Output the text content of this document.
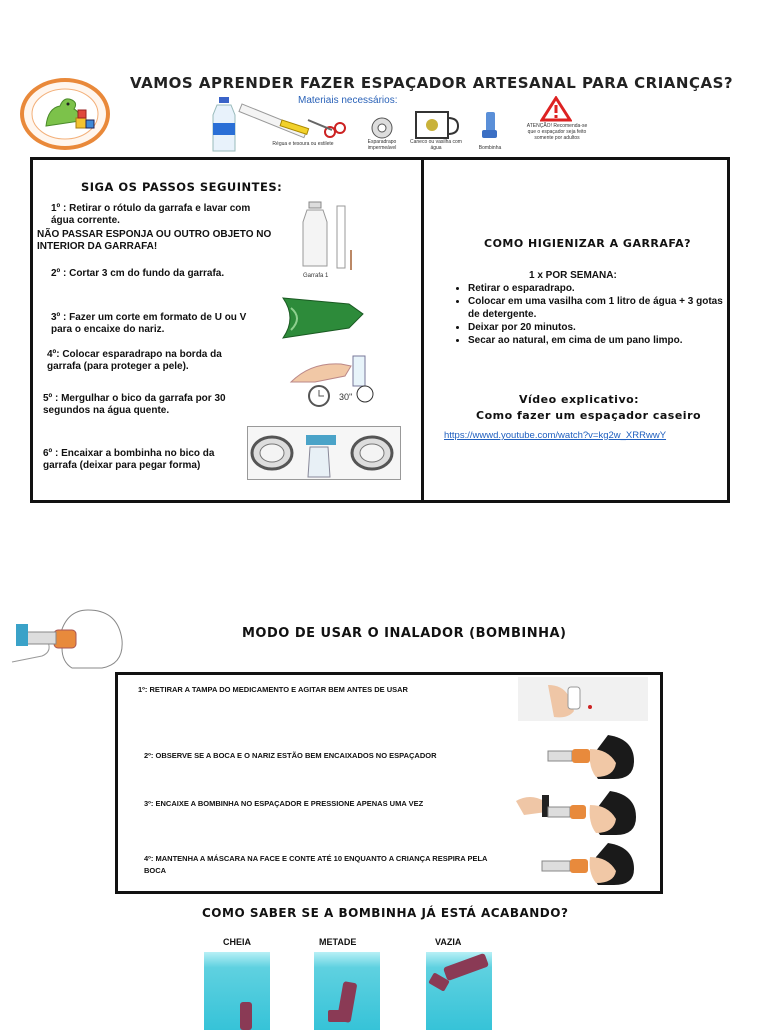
VAMOS APRENDER FAZER ESPAÇADOR ARTESANAL PARA CRIANÇAS?
Materiais necessários:
Régua e tesoura ou estilete	Esparadrapo impermeável
Caneco ou vasilha com água	Bombinha
ATENÇÃO! Recomenda-se que o espaçador seja feito somente por adultos
SIGA OS PASSOS SEGUINTES:
1º : Retirar o rótulo da garrafa e lavar com água corrente.
NÃO PASSAR ESPONJA OU OUTRO OBJETO NO INTERIOR DA GARRAFA!
2º : Cortar 3 cm do fundo da garrafa.
3º : Fazer um corte em formato de U ou V para o encaixe do nariz.
4º: Colocar esparadrapo na borda da garrafa (para proteger a pele).
5º : Mergulhar o bico da garrafa por 30 segundos na água quente.
6º : Encaixar a bombinha no bico da garrafa (deixar para pegar forma)
Garrafa 1
30''
COMO HIGIENIZAR A GARRAFA?
1 x POR SEMANA:
• Retirar o esparadrapo.
• Colocar em uma vasilha com 1 litro de água + 3 gotas de detergente.
• Deixar por 20 minutos.
• Secar ao natural, em cima de um pano limpo.
Vídeo explicativo:
Como fazer um espaçador caseiro
https://wwwd.youtube.com/watch?v=kg2w_XRRwwY
MODO DE USAR O INALADOR (BOMBINHA)
1º: RETIRAR A TAMPA DO MEDICAMENTO E AGITAR BEM ANTES DE USAR
2º: OBSERVE SE A BOCA E O NARIZ ESTÃO BEM ENCAIXADOS NO ESPAÇADOR
3º: ENCAIXE A BOMBINHA NO ESPAÇADOR E PRESSIONE APENAS UMA VEZ
4º: MANTENHA A MÁSCARA NA FACE E CONTE ATÉ 10 ENQUANTO A CRIANÇA RESPIRA PELA BOCA
COMO SABER SE A BOMBINHA JÁ ESTÁ ACABANDO?
CHEIA	METADE	VAZIA
